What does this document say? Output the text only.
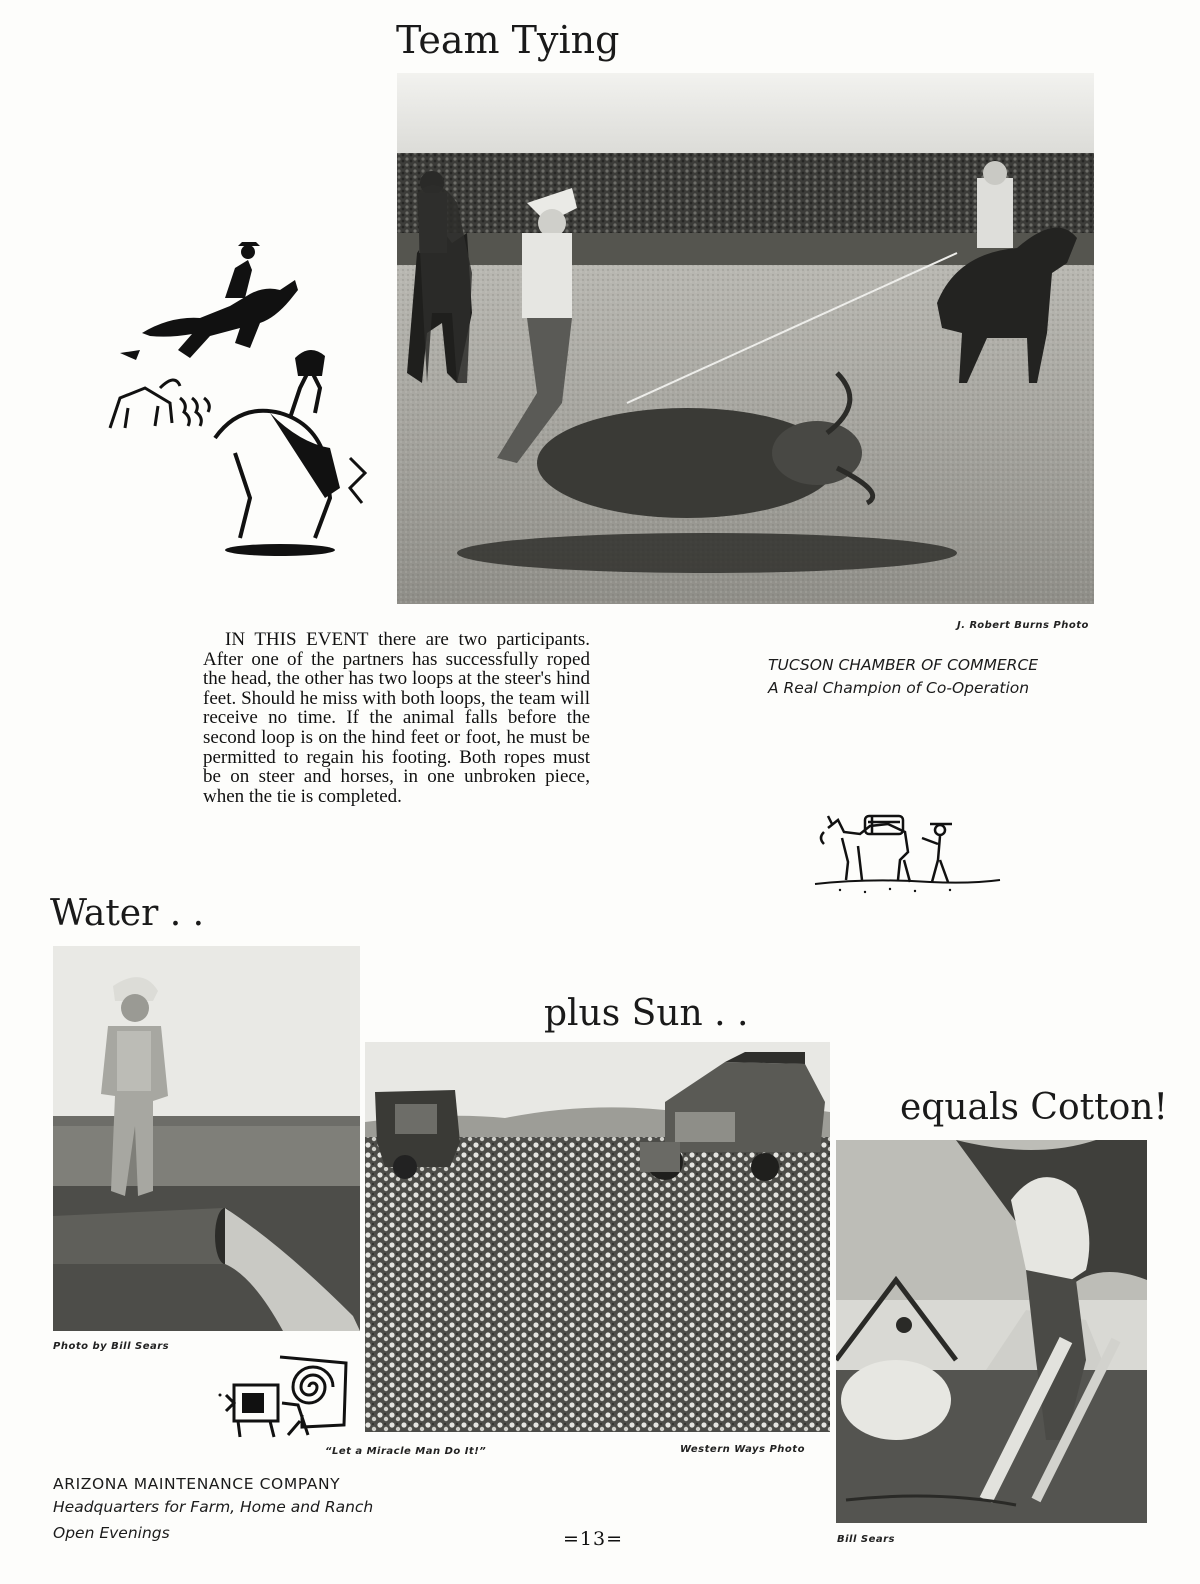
Team Tying
J. Robert Burns Photo
IN THIS EVENT there are two participants. After one of the partners has successfully roped the head, the other has two loops at the steer's hind feet. Should he miss with both loops, the team will receive no time. If the animal falls before the second loop is on the hind feet or foot, he must be permitted to regain his footing. Both ropes must be on steer and horses, in one unbroken piece, when the tie is completed.
TUCSON CHAMBER OF COMMERCE
A Real Champion of Co-Operation
Water . .
Photo by Bill Sears
plus Sun . .
Western Ways Photo
equals Cotton!
Bill Sears
“Let a Miracle Man Do It!”
ARIZONA MAINTENANCE COMPANY
Headquarters for Farm, Home and Ranch
Open Evenings	=13=
